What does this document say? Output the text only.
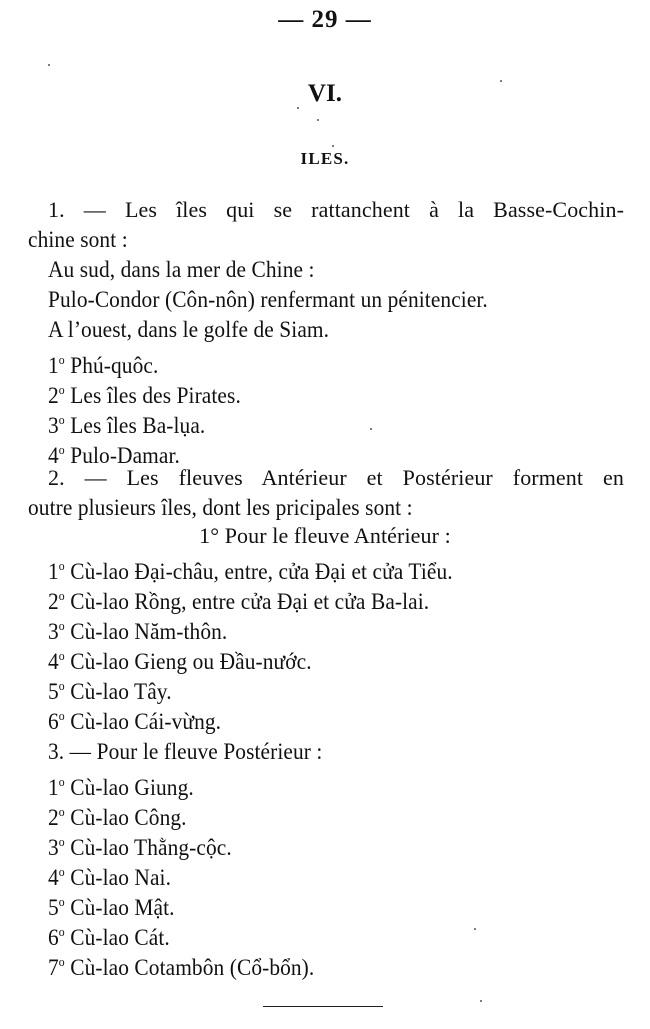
— 29 —
VI.
ILES.
1. — Les îles qui se rattanchent à la Basse-Cochin-
chine sont :
Au sud, dans la mer de Chine :
Pulo-Condor (Côn-nôn) renfermant un pénitencier.
A l’ouest, dans le golfe de Siam.
1$^o$ Phú-quôc.
2$^o$ Les îles des Pirates.
3$^o$ Les îles Ba-lụa.
4$^o$ Pulo-Damar.
2. — Les fleuves Antérieur et Postérieur forment en
outre plusieurs îles, dont les pricipales sont :
1° Pour le fleuve Antérieur :
1$^o$ Cù-lao Đại-châu, entre, cửa Đại et cửa Tiểu.
2$^o$ Cù-lao Rồng, entre cửa Đại et cửa Ba-lai.
3$^o$ Cù-lao Năm-thôn.
4$^o$ Cù-lao Gieng ou Đầu-nước.
5$^o$ Cù-lao Tây.
6$^o$ Cù-lao Cái-vừng.
3. — Pour le fleuve Postérieur :
1$^o$ Cù-lao Giung.
2$^o$ Cù-lao Công.
3$^o$ Cù-lao Thằng-cộc.
4$^o$ Cù-lao Nai.
5$^o$ Cù-lao Mật.
6$^o$ Cù-lao Cát.
7$^o$ Cù-lao Cotambôn (Cổ-bổn).
